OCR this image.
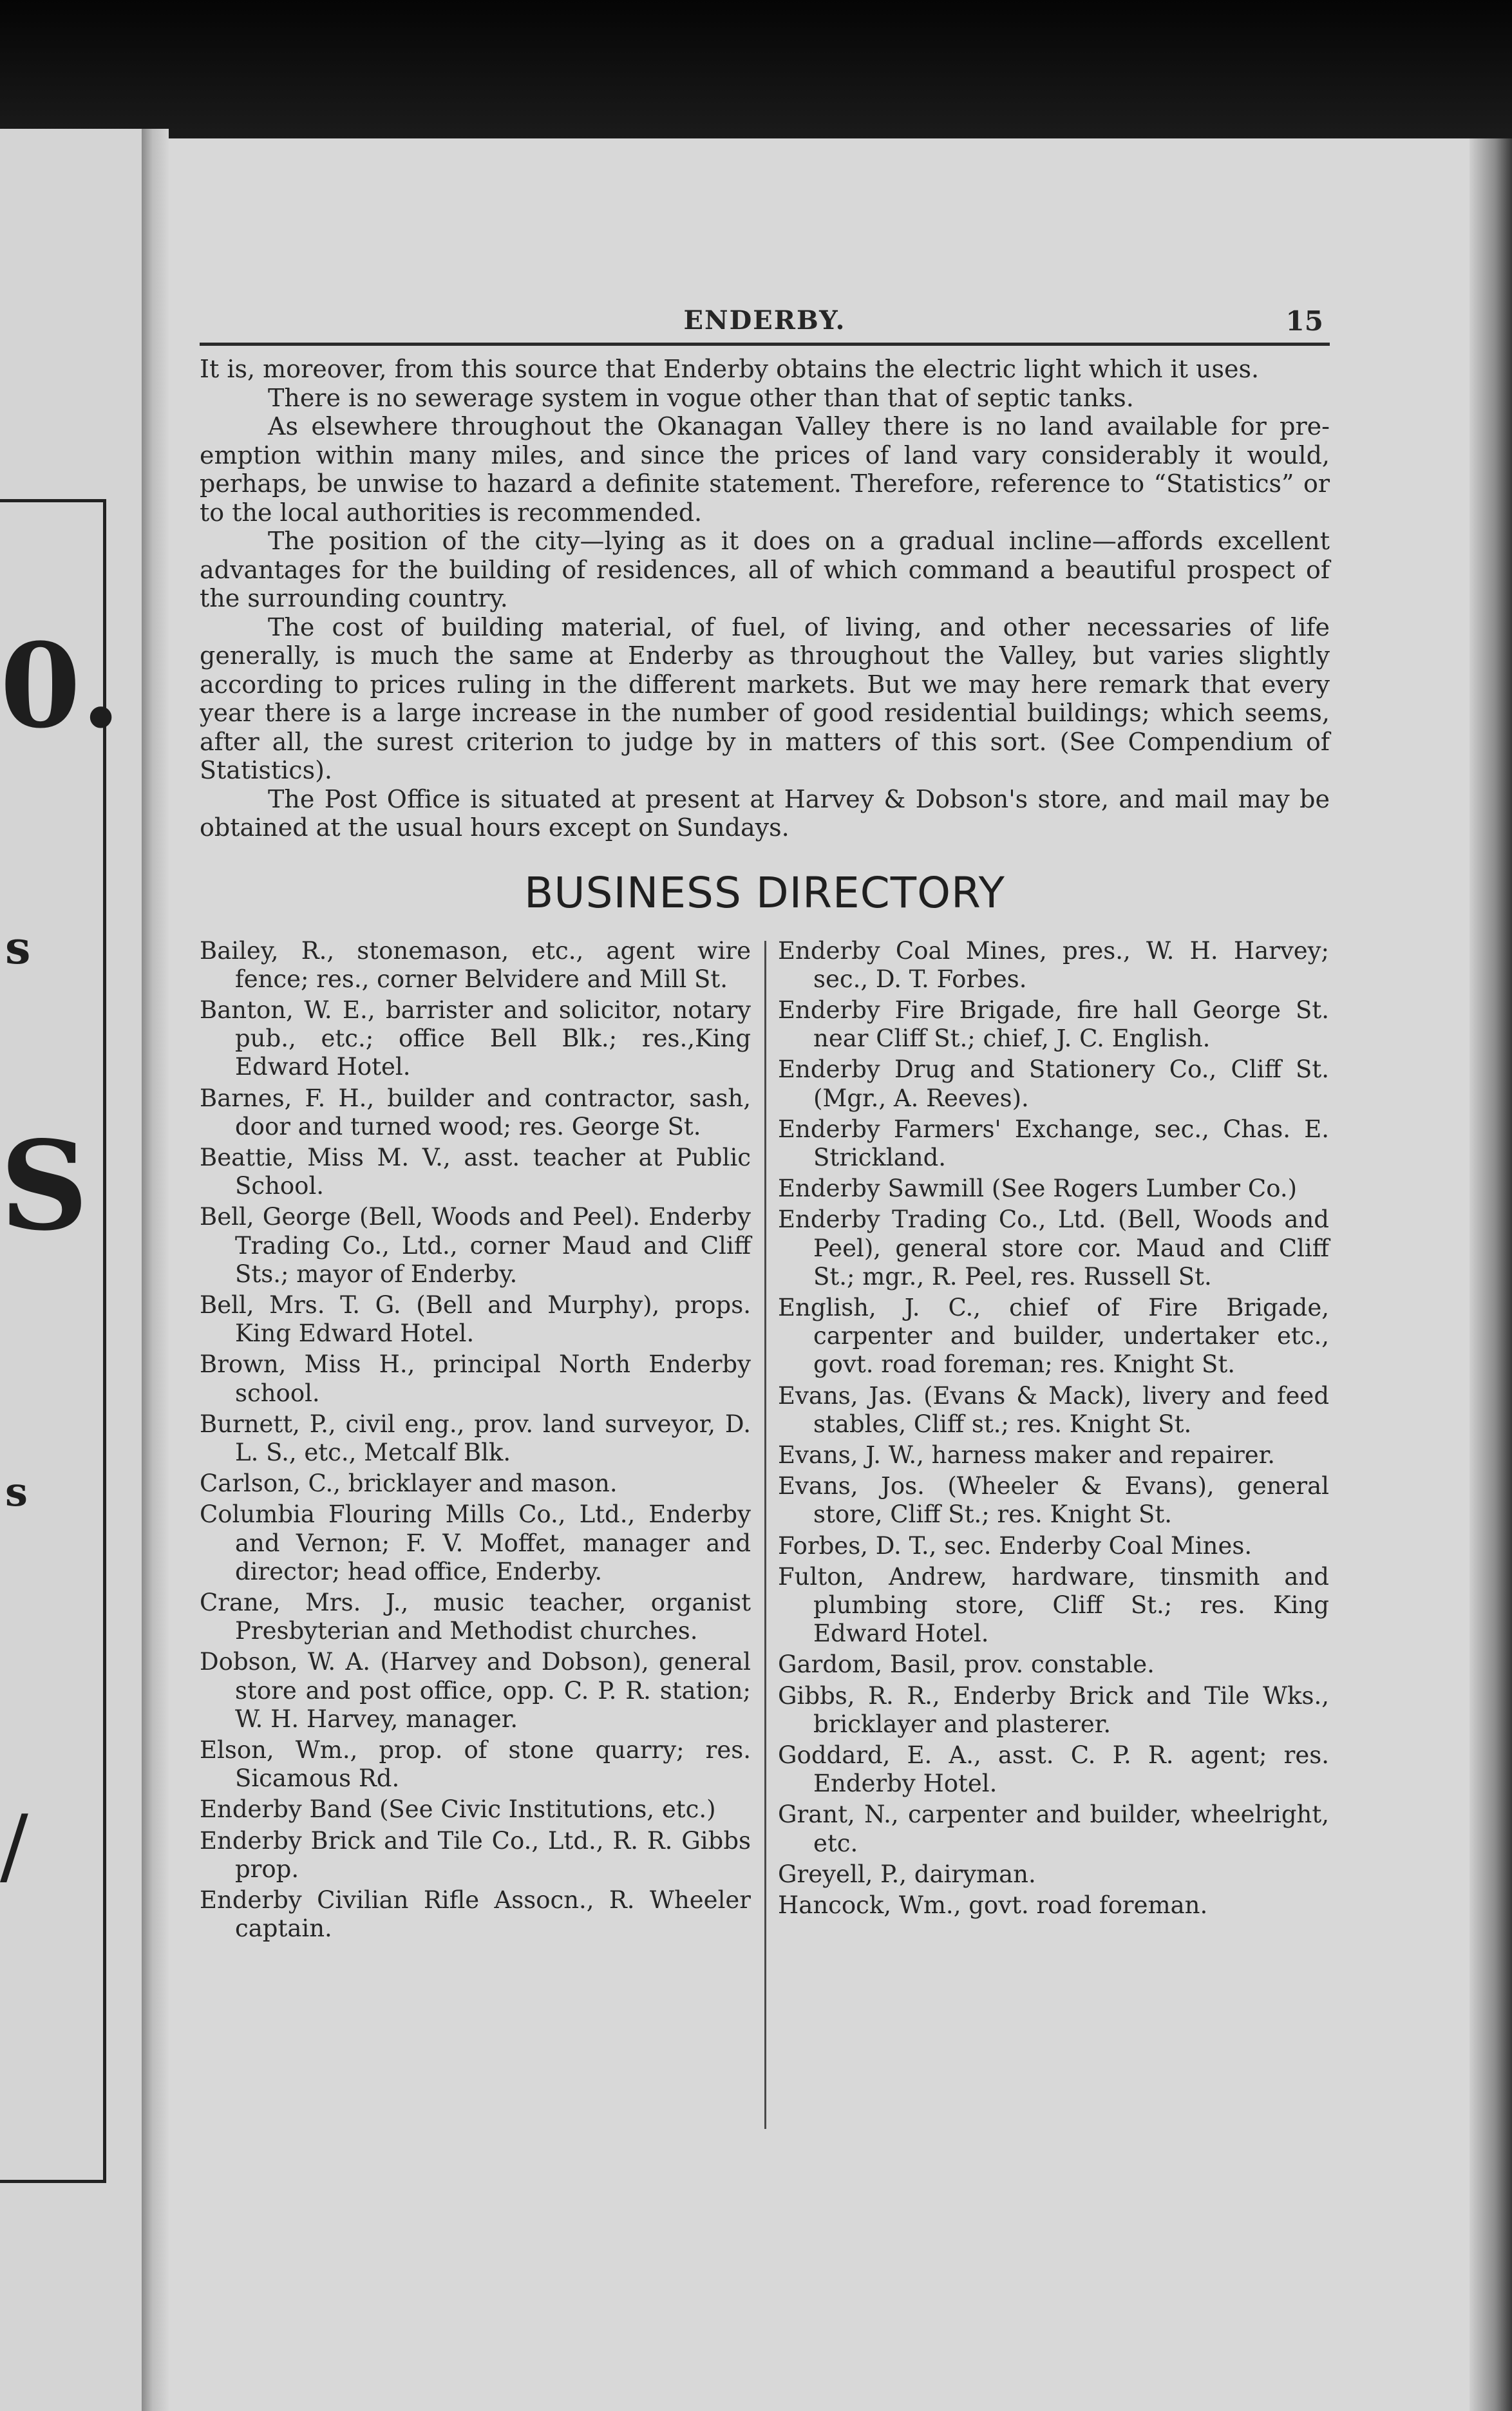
0.
s
S
s
/
ENDERBY.	15

It is, moreover, from this source that Enderby obtains the electric light which it uses.

There is no sewerage system in vogue other than that of septic tanks.

As elsewhere throughout the Okanagan Valley there is no land available for pre-emption within many miles, and since the prices of land vary considerably it would, perhaps, be unwise to hazard a definite statement. Therefore, reference to “Statistics” or to the local authorities is recommended.

The position of the city—lying as it does on a gradual incline—affords excellent advantages for the building of residences, all of which command a beautiful prospect of the surrounding country.

The cost of building material, of fuel, of living, and other necessaries of life generally, is much the same at Enderby as throughout the Valley, but varies slightly according to prices ruling in the different markets. But we may here remark that every year there is a large increase in the number of good residential buildings; which seems, after all, the surest criterion to judge by in matters of this sort. (See Compendium of Statistics).

The Post Office is situated at present at Harvey & Dobson's store, and mail may be obtained at the usual hours except on Sundays.

BUSINESS DIRECTORY

Bailey, R., stonemason, etc., agent wire fence; res., corner Belvidere and Mill St.

Banton, W. E., barrister and solicitor, notary pub., etc.; office Bell Blk.; res.,King Edward Hotel.

Barnes, F. H., builder and contractor, sash, door and turned wood; res. George St.

Beattie, Miss M. V., asst. teacher at Public School.

Bell, George (Bell, Woods and Peel). Enderby Trading Co., Ltd., corner Maud and Cliff Sts.; mayor of Enderby.

Bell, Mrs. T. G. (Bell and Murphy), props. King Edward Hotel.

Brown, Miss H., principal North Enderby school.

Burnett, P., civil eng., prov. land surveyor, D. L. S., etc., Metcalf Blk.

Carlson, C., bricklayer and mason.

Columbia Flouring Mills Co., Ltd., Enderby and Vernon; F. V. Moffet, manager and director; head office, Enderby.

Crane, Mrs. J., music teacher, organist Presbyterian and Methodist churches.

Dobson, W. A. (Harvey and Dobson), general store and post office, opp. C. P. R. station; W. H. Harvey, manager.

Elson, Wm., prop. of stone quarry; res. Sicamous Rd.

Enderby Band (See Civic Institutions, etc.)

Enderby Brick and Tile Co., Ltd., R. R. Gibbs prop.

Enderby Civilian Rifle Assocn., R. Wheeler captain.

Enderby Coal Mines, pres., W. H. Harvey; sec., D. T. Forbes.

Enderby Fire Brigade, fire hall George St. near Cliff St.; chief, J. C. English.

Enderby Drug and Stationery Co., Cliff St. (Mgr., A. Reeves).

Enderby Farmers' Exchange, sec., Chas. E. Strickland.

Enderby Sawmill (See Rogers Lumber Co.)

Enderby Trading Co., Ltd. (Bell, Woods and Peel), general store cor. Maud and Cliff St.; mgr., R. Peel, res. Russell St.

English, J. C., chief of Fire Brigade, carpenter and builder, undertaker etc., govt. road foreman; res. Knight St.

Evans, Jas. (Evans & Mack), livery and feed stables, Cliff st.; res. Knight St.

Evans, J. W., harness maker and repairer.

Evans, Jos. (Wheeler & Evans), general store, Cliff St.; res. Knight St.

Forbes, D. T., sec. Enderby Coal Mines.

Fulton, Andrew, hardware, tinsmith and plumbing store, Cliff St.; res. King Edward Hotel.

Gardom, Basil, prov. constable.

Gibbs, R. R., Enderby Brick and Tile Wks., bricklayer and plasterer.

Goddard, E. A., asst. C. P. R. agent; res. Enderby Hotel.

Grant, N., carpenter and builder, wheelright, etc.

Greyell, P., dairyman.

Hancock, Wm., govt. road foreman.
